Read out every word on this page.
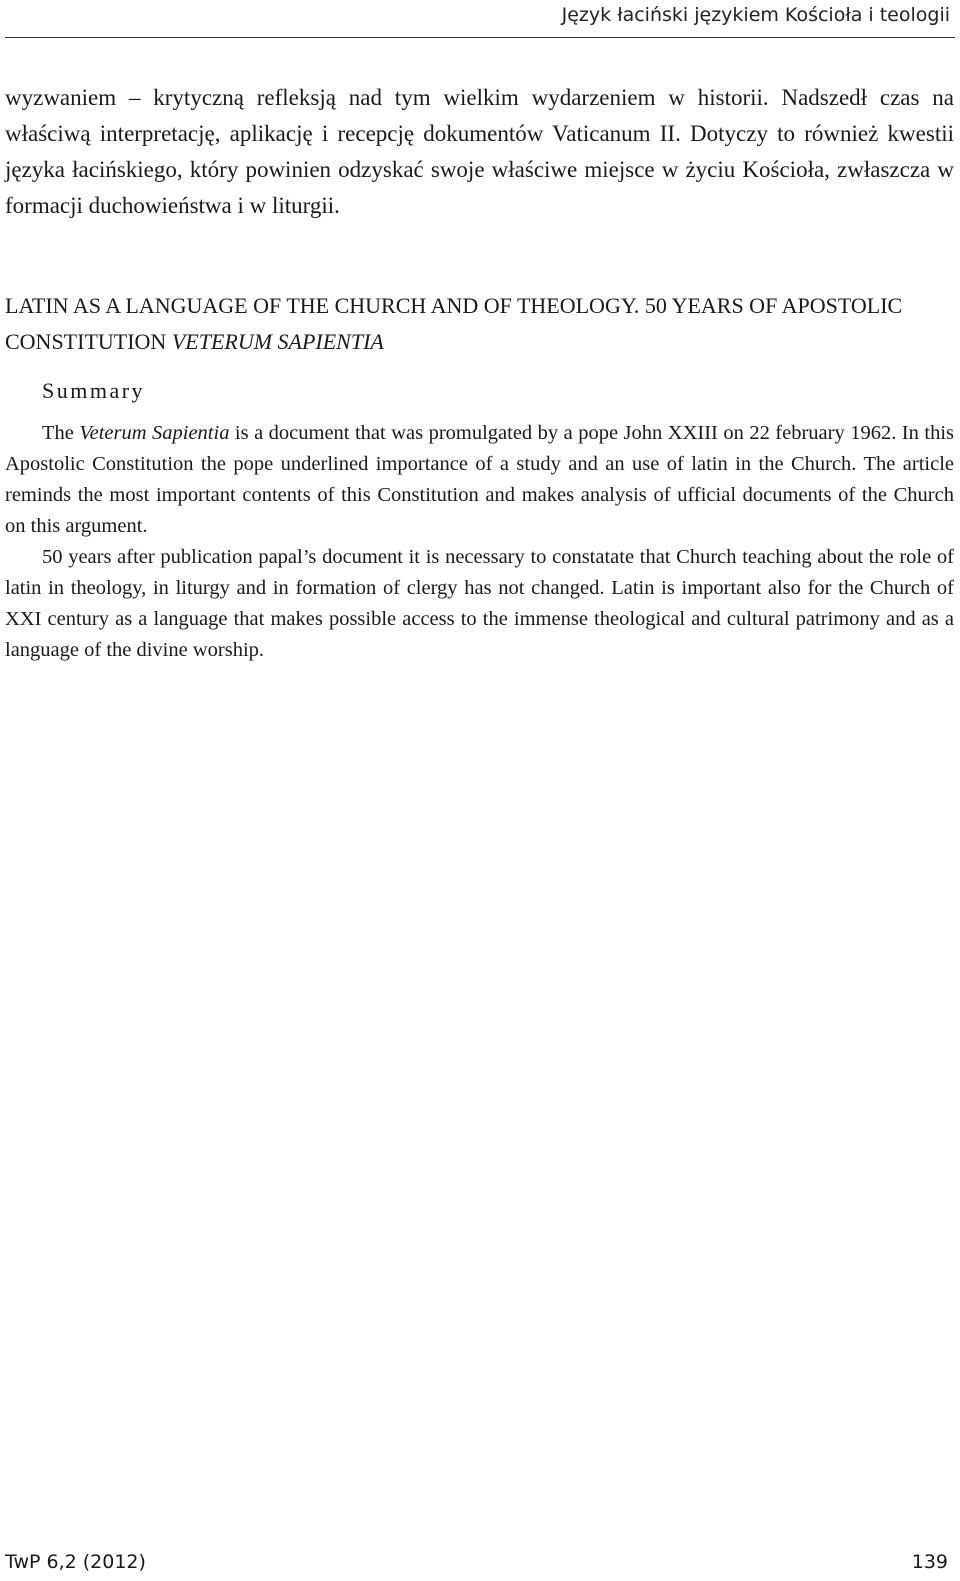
Język łaciński językiem Kościoła i teologii

wyzwaniem – krytyczną refleksją nad tym wielkim wydarzeniem w historii. Nadszedł czas na właściwą interpretację, aplikację i recepcję dokumentów Vaticanum II. Dotyczy to również kwestii języka łacińskiego, który powinien odzyskać swoje właściwe miejsce w życiu Kościoła, zwłaszcza w formacji duchowieństwa i w liturgii.

LATIN AS A LANGUAGE OF THE CHURCH AND OF THEOLOGY. 50 YEARS OF APOSTOLIC CONSTITUTION VETERUM SAPIENTIA

Summary

The Veterum Sapientia is a document that was promulgated by a pope John XXIII on 22 february 1962. In this Apostolic Constitution the pope underlined importance of a study and an use of latin in the Church. The article reminds the most important contents of this Constitution and makes analysis of ufficial documents of the Church on this argument.

50 years after publication papal’s document it is necessary to constatate that Church teaching about the role of latin in theology, in liturgy and in formation of clergy has not changed. Latin is important also for the Church of XXI century as a language that makes possible access to the immense theological and cultural patrimony and as a language of the divine worship.

TwP 6,2 (2012)	139
